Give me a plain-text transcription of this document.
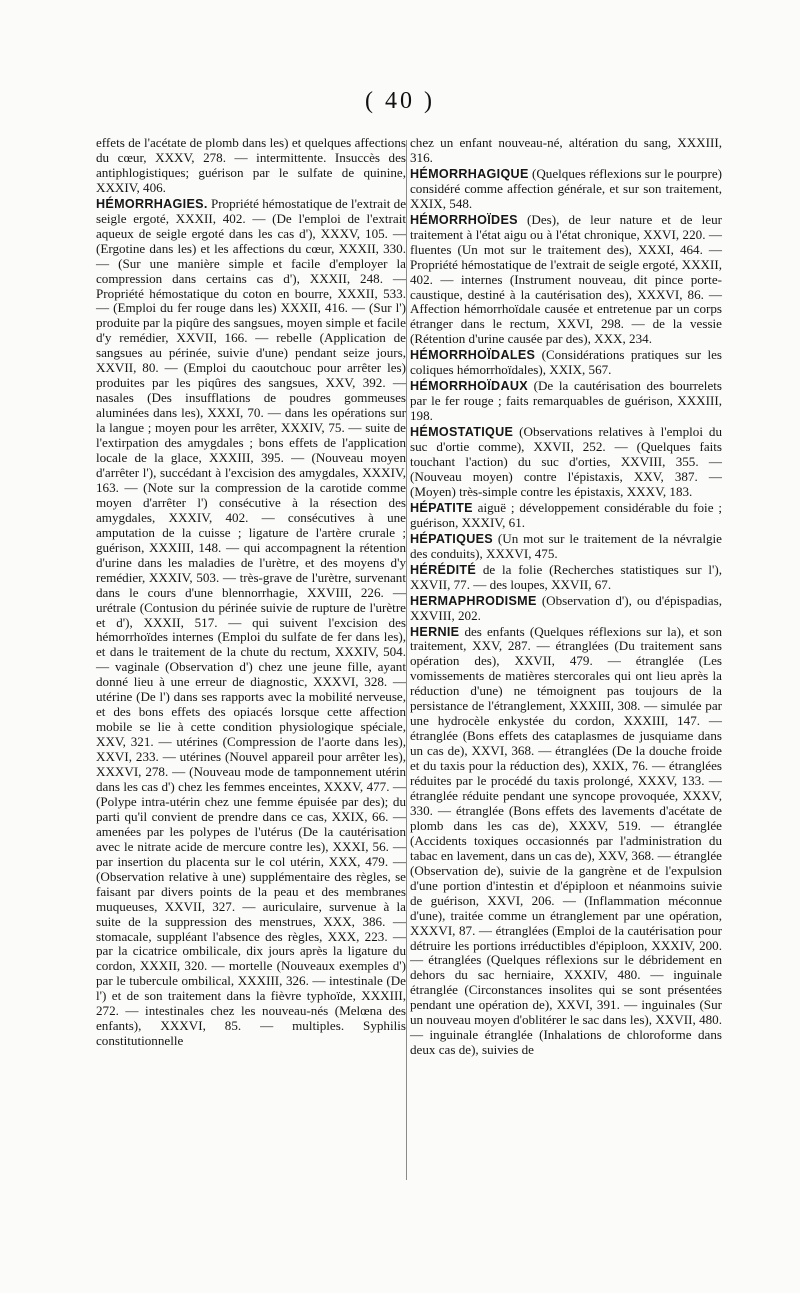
( 40 )

effets de l'acétate de plomb dans les) et quelques affections du cœur, XXXV, 278. — intermittente. Insuccès des antiphlogistiques; guérison par le sulfate de quinine, XXXIV, 406.

HÉMORRHAGIES. Propriété hémostatique de l'extrait de seigle ergoté, XXXII, 402. — (De l'emploi de l'extrait aqueux de seigle ergoté dans les cas d'), XXXV, 105. — (Ergotine dans les) et les affections du cœur, XXXII, 330. — (Sur une manière simple et facile d'employer la compression dans certains cas d'), XXXII, 248. — Propriété hémostatique du coton en bourre, XXXII, 533. — (Emploi du fer rouge dans les) XXXII, 416. — (Sur l') produite par la piqûre des sangsues, moyen simple et facile d'y remédier, XXVII, 166. — rebelle (Application de sangsues au périnée, suivie d'une) pendant seize jours, XXVII, 80. — (Emploi du caoutchouc pour arrêter les) produites par les piqûres des sangsues, XXV, 392. — nasales (Des insufflations de poudres gommeuses aluminées dans les), XXXI, 70. — dans les opérations sur la langue ; moyen pour les arrêter, XXXIV, 75. — suite de l'extirpation des amygdales ; bons effets de l'application locale de la glace, XXXIII, 395. — (Nouveau moyen d'arrêter l'), succédant à l'excision des amygdales, XXXIV, 163. — (Note sur la compression de la carotide comme moyen d'arrêter l') consécutive à la résection des amygdales, XXXIV, 402. — consécutives à une amputation de la cuisse ; ligature de l'artère crurale ; guérison, XXXIII, 148. — qui accompagnent la rétention d'urine dans les maladies de l'urètre, et des moyens d'y remédier, XXXIV, 503. — très-grave de l'urètre, survenant dans le cours d'une blennorrhagie, XXVIII, 226. — urétrale (Contusion du périnée suivie de rupture de l'urètre et d'), XXXII, 517. — qui suivent l'excision des hémorrhoïdes internes (Emploi du sulfate de fer dans les), et dans le traitement de la chute du rectum, XXXIV, 504. — vaginale (Observation d') chez une jeune fille, ayant donné lieu à une erreur de diagnostic, XXXVI, 328. — utérine (De l') dans ses rapports avec la mobilité nerveuse, et des bons effets des opiacés lorsque cette affection mobile se lie à cette condition physiologique spéciale, XXV, 321. — utérines (Compression de l'aorte dans les), XXVI, 233. — utérines (Nouvel appareil pour arrêter les), XXXVI, 278. — (Nouveau mode de tamponnement utérin dans les cas d') chez les femmes enceintes, XXXV, 477. — (Polype intra-utérin chez une femme épuisée par des); du parti qu'il convient de prendre dans ce cas, XXIX, 66. — amenées par les polypes de l'utérus (De la cautérisation avec le nitrate acide de mercure contre les), XXXI, 56. — par insertion du placenta sur le col utérin, XXX, 479. — (Observation relative à une) supplémentaire des règles, se faisant par divers points de la peau et des membranes muqueuses, XXVII, 327. — auriculaire, survenue à la suite de la suppression des menstrues, XXX, 386. — stomacale, suppléant l'absence des règles, XXX, 223. — par la cicatrice ombilicale, dix jours après la ligature du cordon, XXXII, 320. — mortelle (Nouveaux exemples d') par le tubercule ombilical, XXXIII, 326. — intestinale (De l') et de son traitement dans la fièvre typhoïde, XXXIII, 272. — intestinales chez les nouveau-nés (Melœna des enfants), XXXVI, 85. — multiples. Syphilis constitutionnelle

chez un enfant nouveau-né, altération du sang, XXXIII, 316.

HÉMORRHAGIQUE (Quelques réflexions sur le pourpre) considéré comme affection générale, et sur son traitement, XXIX, 548.

HÉMORRHOÏDES (Des), de leur nature et de leur traitement à l'état aigu ou à l'état chronique, XXVI, 220. — fluentes (Un mot sur le traitement des), XXXI, 464. — Propriété hémostatique de l'extrait de seigle ergoté, XXXII, 402. — internes (Instrument nouveau, dit pince porte-caustique, destiné à la cautérisation des), XXXVI, 86. — Affection hémorrhoïdale causée et entretenue par un corps étranger dans le rectum, XXVI, 298. — de la vessie (Rétention d'urine causée par des), XXX, 234.

HÉMORRHOÏDALES (Considérations pratiques sur les coliques hémorrhoïdales), XXIX, 567.

HÉMORRHOÏDAUX (De la cautérisation des bourrelets par le fer rouge ; faits remarquables de guérison, XXXIII, 198.

HÉMOSTATIQUE (Observations relatives à l'emploi du suc d'ortie comme), XXVII, 252. — (Quelques faits touchant l'action) du suc d'orties, XXVIII, 355. — (Nouveau moyen) contre l'épistaxis, XXV, 387. — (Moyen) très-simple contre les épistaxis, XXXV, 183.

HÉPATITE aiguë ; développement considérable du foie ; guérison, XXXIV, 61.

HÉPATIQUES (Un mot sur le traitement de la névralgie des conduits), XXXVI, 475.

HÉRÉDITÉ de la folie (Recherches statistiques sur l'), XXVII, 77. — des loupes, XXVII, 67.

HERMAPHRODISME (Observation d'), ou d'épispadias, XXVIII, 202.

HERNIE des enfants (Quelques réflexions sur la), et son traitement, XXV, 287. — étranglées (Du traitement sans opération des), XXVII, 479. — étranglée (Les vomissements de matières stercorales qui ont lieu après la réduction d'une) ne témoignent pas toujours de la persistance de l'étranglement, XXXIII, 308. — simulée par une hydrocèle enkystée du cordon, XXXIII, 147. — étranglée (Bons effets des cataplasmes de jusquiame dans un cas de), XXVI, 368. — étranglées (De la douche froide et du taxis pour la réduction des), XXIX, 76. — étranglées réduites par le procédé du taxis prolongé, XXXV, 133. — étranglée réduite pendant une syncope provoquée, XXXV, 330. — étranglée (Bons effets des lavements d'acétate de plomb dans les cas de), XXXV, 519. — étranglée (Accidents toxiques occasionnés par l'administration du tabac en lavement, dans un cas de), XXV, 368. — étranglée (Observation de), suivie de la gangrène et de l'expulsion d'une portion d'intestin et d'épiploon et néanmoins suivie de guérison, XXVI, 206. — (Inflammation méconnue d'une), traitée comme un étranglement par une opération, XXXVI, 87. — étranglées (Emploi de la cautérisation pour détruire les portions irréductibles d'épiploon, XXXIV, 200. — étranglées (Quelques réflexions sur le débridement en dehors du sac herniaire, XXXIV, 480. — inguinale étranglée (Circonstances insolites qui se sont présentées pendant une opération de), XXVI, 391. — inguinales (Sur un nouveau moyen d'oblitérer le sac dans les), XXVII, 480. — inguinale étranglée (Inhalations de chloroforme dans deux cas de), suivies de
